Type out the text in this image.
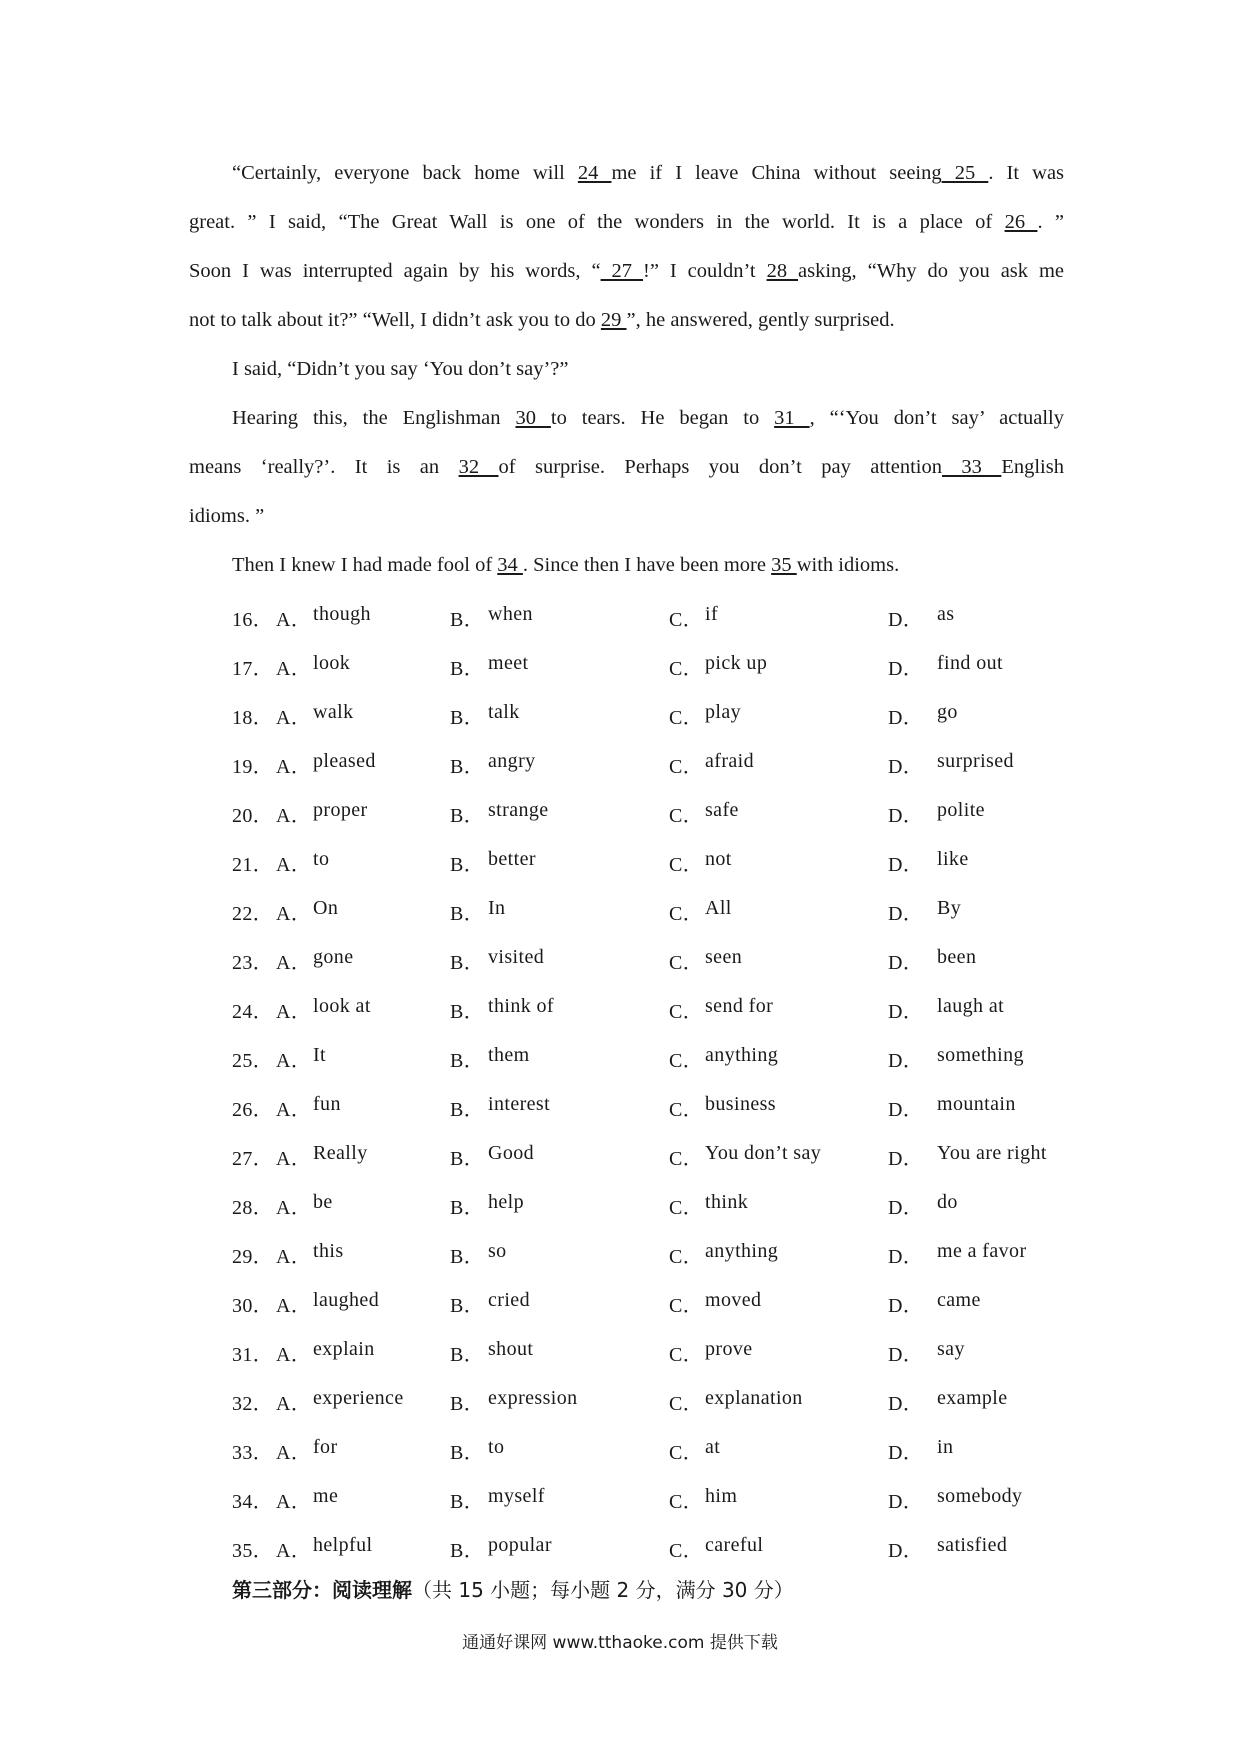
“Certainly, everyone back home will 24 me if I leave China without seeing 25 . It was
great. ” I said, “The Great Wall is one of the wonders in the world. It is a place of 26 . ”
Soon I was interrupted again by his words, “ 27 !” I couldn’t 28 asking, “Why do you ask me
not to talk about it?” “Well, I didn’t ask you to do 29 ”, he answered, gently surprised.
I said, “Didn’t you say ‘You don’t say’?”
Hearing this, the Englishman 30 to tears. He began to 31 , “‘You don’t say’ actually
means ‘really?’. It is an 32 of surprise. Perhaps you don’t pay attention 33 English
idioms. ”
Then I knew I had made fool of 34 . Since then I have been more 35 with idioms.
16． A． though	B． when	C． if	D． as
17． A． look	B． meet	C． pick up	D． find out
18． A． walk	B． talk	C． play	D． go
19． A． pleased	B． angry	C． afraid	D． surprised
20． A． proper	B． strange	C． safe	D． polite
21． A． to	B． better	C． not	D． like
22． A． On	B． In	C． All	D． By
23． A． gone	B． visited	C． seen	D． been
24． A． look at	B． think of	C． send for	D． laugh at
25． A． It	B． them	C． anything	D． something
26． A． fun	B． interest	C． business	D． mountain
27． A． Really	B． Good	C． You don’t say	D． You are right
28． A． be	B． help	C． think	D． do
29． A． this	B． so	C． anything	D． me a favor
30． A． laughed	B． cried	C． moved	D． came
31． A． explain	B． shout	C． prove	D． say
32． A． experience B． expression	C． explanation	D． example
33． A． for	B． to	C． at	D． in
34． A． me	B． myself	C． him	D． somebody
35． A． helpful	B． popular	C． careful	D． satisfied
第三部分：阅读理解（共 15 小题；每小题 2 分，满分 30 分）
通通好课网 www.tthaoke.com 提供下载
